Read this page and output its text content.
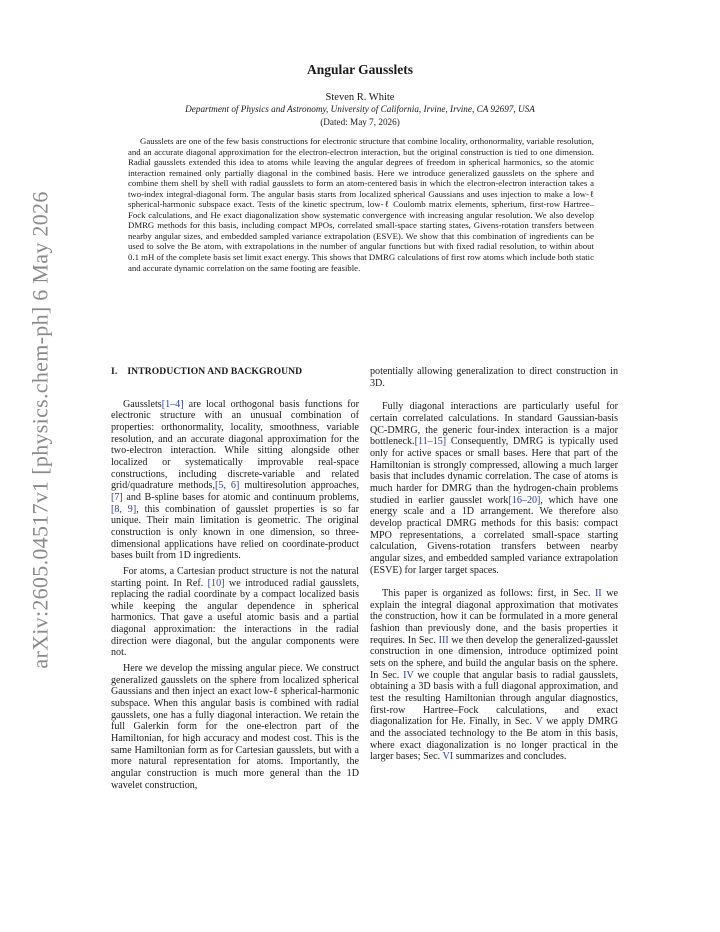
arXiv:2605.04517v1 [physics.chem-ph] 6 May 2026
Angular Gausslets
Steven R. White
Department of Physics and Astronomy, University of California, Irvine, Irvine, CA 92697, USA
(Dated: May 7, 2026)

Gausslets are one of the few basis constructions for electronic structure that combine locality, orthonormality, variable resolution, and an accurate diagonal approximation for the electron-electron interaction, but the original construction is tied to one dimension. Radial gausslets extended this idea to atoms while leaving the angular degrees of freedom in spherical harmonics, so the atomic interaction remained only partially diagonal in the combined basis. Here we introduce generalized gausslets on the sphere and combine them shell by shell with radial gausslets to form an atom-centered basis in which the electron-electron interaction takes a two-index integral-diagonal form. The angular basis starts from localized spherical Gaussians and uses injection to make a low-ℓ spherical-harmonic subspace exact. Tests of the kinetic spectrum, low-ℓ Coulomb matrix elements, spherium, first-row Hartree–Fock calculations, and He exact diagonalization show systematic convergence with increasing angular resolution. We also develop DMRG methods for this basis, including compact MPOs, correlated small-space starting states, Givens-rotation transfers between nearby angular sizes, and embedded sampled variance extrapolation (ESVE). We show that this combination of ingredients can be used to solve the Be atom, with extrapolations in the number of angular functions but with fixed radial resolution, to within about 0.1 mH of the complete basis set limit exact energy. This shows that DMRG calculations of first row atoms which include both static and accurate dynamic correlation on the same footing are feasible.

I. INTRODUCTION AND BACKGROUND

Gausslets[1–4] are local orthogonal basis functions for electronic structure with an unusual combination of properties: orthonormality, locality, smoothness, variable resolution, and an accurate diagonal approximation for the two-electron interaction. While sitting alongside other localized or systematically improvable real-space constructions, including discrete-variable and related grid/quadrature methods,[5, 6] multiresolution approaches,[7] and B-spline bases for atomic and continuum problems,[8, 9], this combination of gausslet properties is so far unique. Their main limitation is geometric. The original construction is only known in one dimension, so three-dimensional applications have relied on coordinate-product bases built from 1D ingredients.

For atoms, a Cartesian product structure is not the natural starting point. In Ref. [10] we introduced radial gausslets, replacing the radial coordinate by a compact localized basis while keeping the angular dependence in spherical harmonics. That gave a useful atomic basis and a partial diagonal approximation: the interactions in the radial direction were diagonal, but the angular components were not.

Here we develop the missing angular piece. We construct generalized gausslets on the sphere from localized spherical Gaussians and then inject an exact low-ℓ spherical-harmonic subspace. When this angular basis is combined with radial gausslets, one has a fully diagonal interaction. We retain the full Galerkin form for the one-electron part of the Hamiltonian, for high accuracy and modest cost. This is the same Hamiltonian form as for Cartesian gausslets, but with a more natural representation for atoms. Importantly, the angular construction is much more general than the 1D wavelet construction,

potentially allowing generalization to direct construction in 3D.

Fully diagonal interactions are particularly useful for certain correlated calculations. In standard Gaussian-basis QC-DMRG, the generic four-index interaction is a major bottleneck.[11–15] Consequently, DMRG is typically used only for active spaces or small bases. Here that part of the Hamiltonian is strongly compressed, allowing a much larger basis that includes dynamic correlation. The case of atoms is much harder for DMRG than the hydrogen-chain problems studied in earlier gausslet work[16–20], which have one energy scale and a 1D arrangement. We therefore also develop practical DMRG methods for this basis: compact MPO representations, a correlated small-space starting calculation, Givens-rotation transfers between nearby angular sizes, and embedded sampled variance extrapolation (ESVE) for larger target spaces.

This paper is organized as follows: first, in Sec. II we explain the integral diagonal approximation that motivates the construction, how it can be formulated in a more general fashion than previously done, and the basis properties it requires. In Sec. III we then develop the generalized-gausslet construction in one dimension, introduce optimized point sets on the sphere, and build the angular basis on the sphere. In Sec. IV we couple that angular basis to radial gausslets, obtaining a 3D basis with a full diagonal approximation, and test the resulting Hamiltonian through angular diagnostics, first-row Hartree–Fock calculations, and exact diagonalization for He. Finally, in Sec. V we apply DMRG and the associated technology to the Be atom in this basis, where exact diagonalization is no longer practical in the larger bases; Sec. VI summarizes and concludes.
